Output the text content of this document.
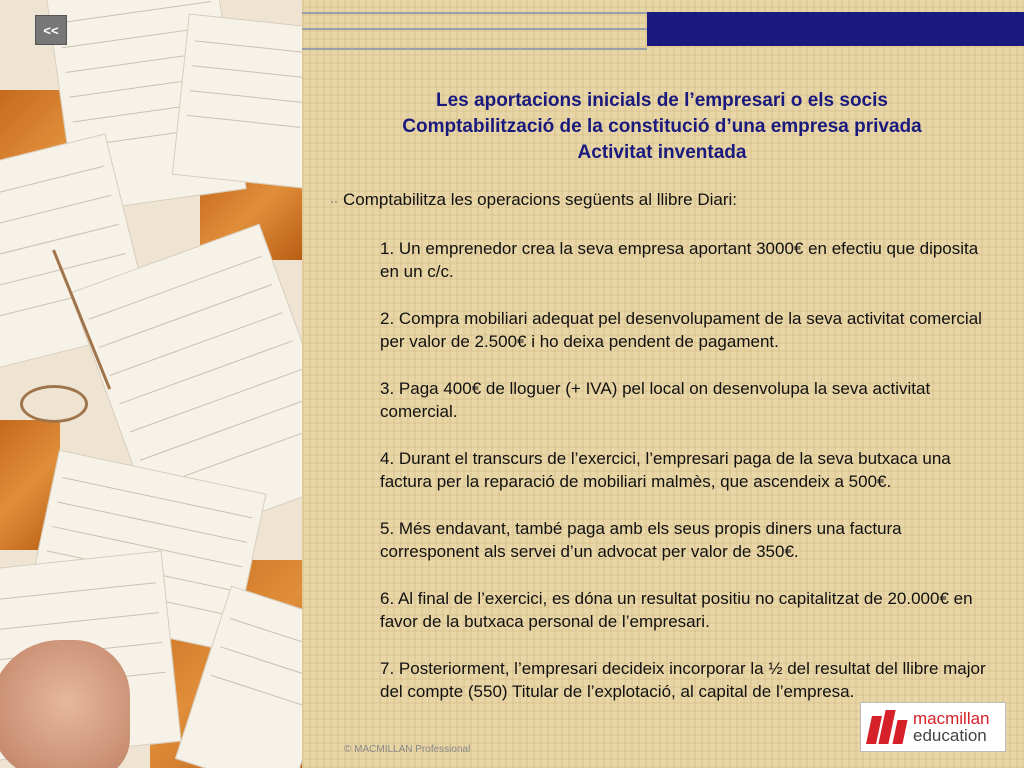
<<
Les aportacions inicials de l’empresari o els socis
Comptabilització de la constitució d’una empresa privada
Activitat inventada
·· Comptabilitza les operacions següents al llibre Diari:
1. Un emprenedor crea la seva empresa aportant 3000€ en efectiu que diposita en un c/c.
2. Compra mobiliari adequat pel desenvolupament de la seva activitat comercial per valor de 2.500€ i ho deixa pendent de pagament.
3. Paga 400€ de lloguer (+ IVA) pel local on desenvolupa la seva activitat comercial.
4. Durant el transcurs de l’exercici, l’empresari paga de la seva butxaca una factura per la reparació de mobiliari malmès, que ascendeix a 500€.
5. Més endavant, també paga amb els seus propis diners una factura corresponent als servei d’un advocat per valor de 350€.
6. Al final de l’exercici, es dóna un resultat positiu no capitalitzat de 20.000€ en favor de la butxaca personal de l’empresari.
7. Posteriorment, l’empresari decideix incorporar la ½ del resultat del llibre major del compte (550) Titular de l’explotació, al capital de l’empresa.
© MACMILLAN Professional
macmillan
education
